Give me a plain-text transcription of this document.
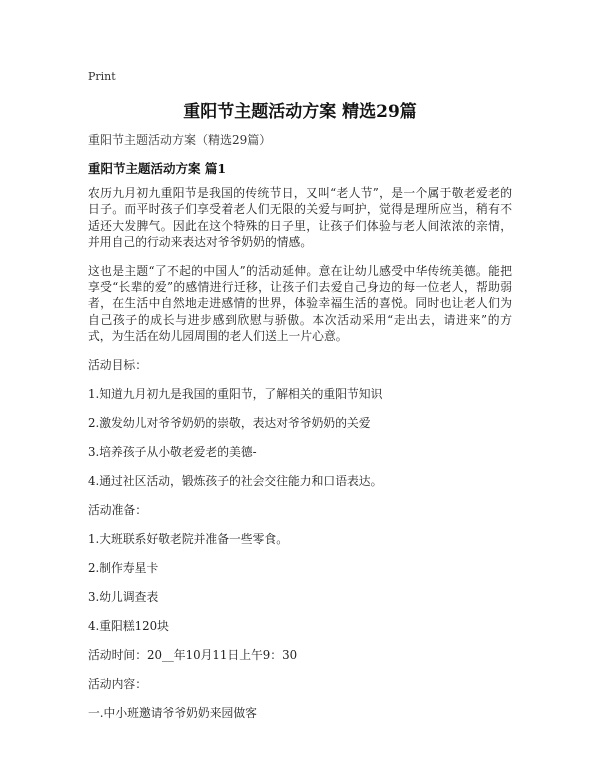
Print
重阳节主题活动方案 精选29篇

重阳节主题活动方案（精选29篇）

重阳节主题活动方案 篇1

农历九月初九重阳节是我国的传统节日，又叫“老人节”，是一个属于敬老爱老的日子。而平时孩子们享受着老人们无限的关爱与呵护，觉得是理所应当，稍有不适还大发脾气。因此在这个特殊的日子里，让孩子们体验与老人间浓浓的亲情，并用自己的行动来表达对爷爷奶奶的情感。

这也是主题“了不起的中国人”的活动延伸。意在让幼儿感受中华传统美德。能把享受“长辈的爱”的感情进行迁移，让孩子们去爱自己身边的每一位老人，帮助弱者，在生活中自然地走进感情的世界，体验幸福生活的喜悦。同时也让老人们为自己孩子的成长与进步感到欣慰与骄傲。本次活动采用“走出去，请进来”的方式，为生活在幼儿园周围的老人们送上一片心意。

活动目标：

1.知道九月初九是我国的重阳节，了解相关的重阳节知识

2.激发幼儿对爷爷奶奶的崇敬，表达对爷爷奶奶的关爱

3.培养孩子从小敬老爱老的美德-

4.通过社区活动，锻炼孩子的社会交往能力和口语表达。

活动准备：

1.大班联系好敬老院并准备一些零食。

2.制作寿星卡

3.幼儿调查表

4.重阳糕120块

活动时间：20__年10月11日上午9：30

活动内容：

一.中小班邀请爷爷奶奶来园做客
